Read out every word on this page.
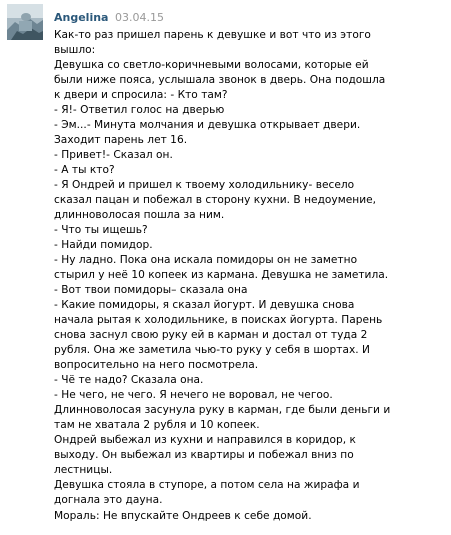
Angelina 03.04.15
Как-то раз пришел парень к девушке и вот что из этого
вышло:
Девушка со светло-коричневыми волосами, которые ей
были ниже пояса, услышала звонок в дверь. Она подошла
к двери и спросила: - Кто там?
- Я!- Ответил голос на дверью
- Эм...- Минута молчания и девушка открывает двери.
Заходит парень лет 16.
- Привет!- Сказал он.
- А ты кто?
- Я Ондрей и пришел к твоему холодильнику- весело
сказал пацан и побежал в сторону кухни. В недоумение,
длинноволосая пошла за ним.
- Что ты ищешь?
- Найди помидор.
- Ну ладно. Пока она искала помидоры он не заметно
стырил у неё 10 копеек из кармана. Девушка не заметила.
- Вот твои помидоры– сказала она
- Какие помидоры, я сказал йогурт. И девушка снова
начала рытая к холодильнике, в поисках йогурта. Парень
снова заснул свою руку ей в карман и достал от туда 2
рубля. Она же заметила чью-то руку у себя в шортах. И
вопросительно на него посмотрела.
- Чё те надо? Сказала она.
- Не чего, не чего. Я нечего не воровал, не чегоо.
Длинноволосая засунула руку в карман, где были деньги и
там не хватала 2 рубля и 10 копеек.
Ондрей выбежал из кухни и направился в коридор, к
выходу. Он выбежал из квартиры и побежал вниз по
лестницы.
Девушка стояла в ступоре, а потом села на жирафа и
догнала это дауна.
Мораль: Не впускайте Ондреев к себе домой.
